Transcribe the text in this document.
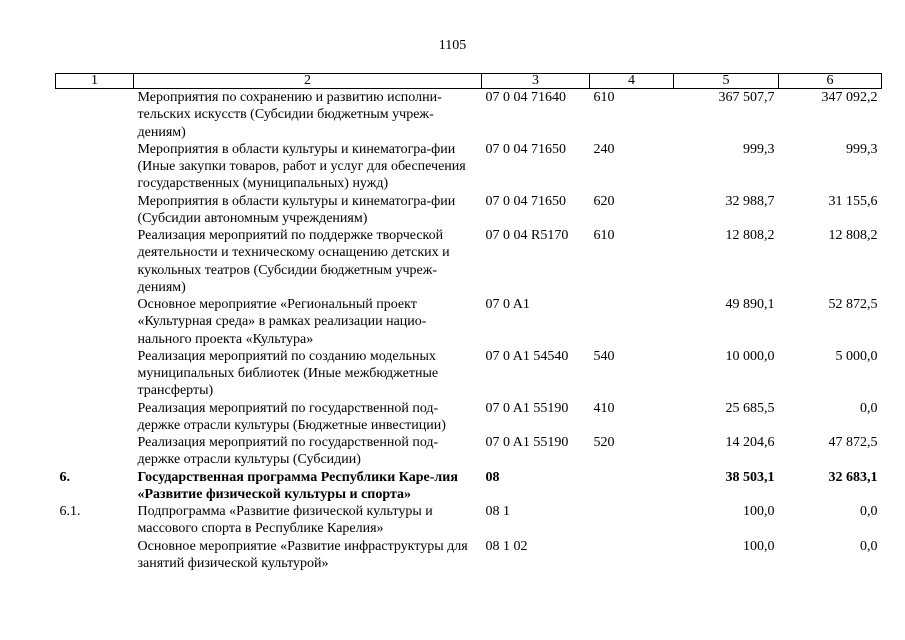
1105
1	2	3	4	5	6
	Мероприятия по сохранению и развитию исполни-тельских искусств (Субсидии бюджетным учреж-дениям)	07 0 04 71640	610	367 507,7	347 092,2
	Мероприятия в области культуры и кинематогра-фии (Иные закупки товаров, работ и услуг для обеспечения государственных (муниципальных) нужд)	07 0 04 71650	240	999,3	999,3
	Мероприятия в области культуры и кинематогра-фии (Субсидии автономным учреждениям)	07 0 04 71650	620	32 988,7	31 155,6
	Реализация мероприятий по поддержке творческой деятельности и техническому оснащению детских и кукольных театров (Субсидии бюджетным учреж-дениям)	07 0 04 R5170	610	12 808,2	12 808,2
	Основное мероприятие «Региональный проект «Культурная среда» в рамках реализации нацио-нального проекта «Культура»	07 0 A1		49 890,1	52 872,5
	Реализация мероприятий по созданию модельных муниципальных библиотек (Иные межбюджетные трансферты)	07 0 A1 54540	540	10 000,0	5 000,0
	Реализация мероприятий по государственной под-держке отрасли культуры (Бюджетные инвестиции)	07 0 A1 55190	410	25 685,5	0,0
	Реализация мероприятий по государственной под-держке отрасли культуры (Субсидии)	07 0 A1 55190	520	14 204,6	47 872,5
6.	Государственная программа Республики Каре-лия «Развитие физической культуры и спорта»	08		38 503,1	32 683,1
6.1.	Подпрограмма «Развитие физической культуры и массового спорта в Республике Карелия»	08 1		100,0	0,0
	Основное мероприятие «Развитие инфраструктуры для занятий физической культурой»	08 1 02		100,0	0,0
